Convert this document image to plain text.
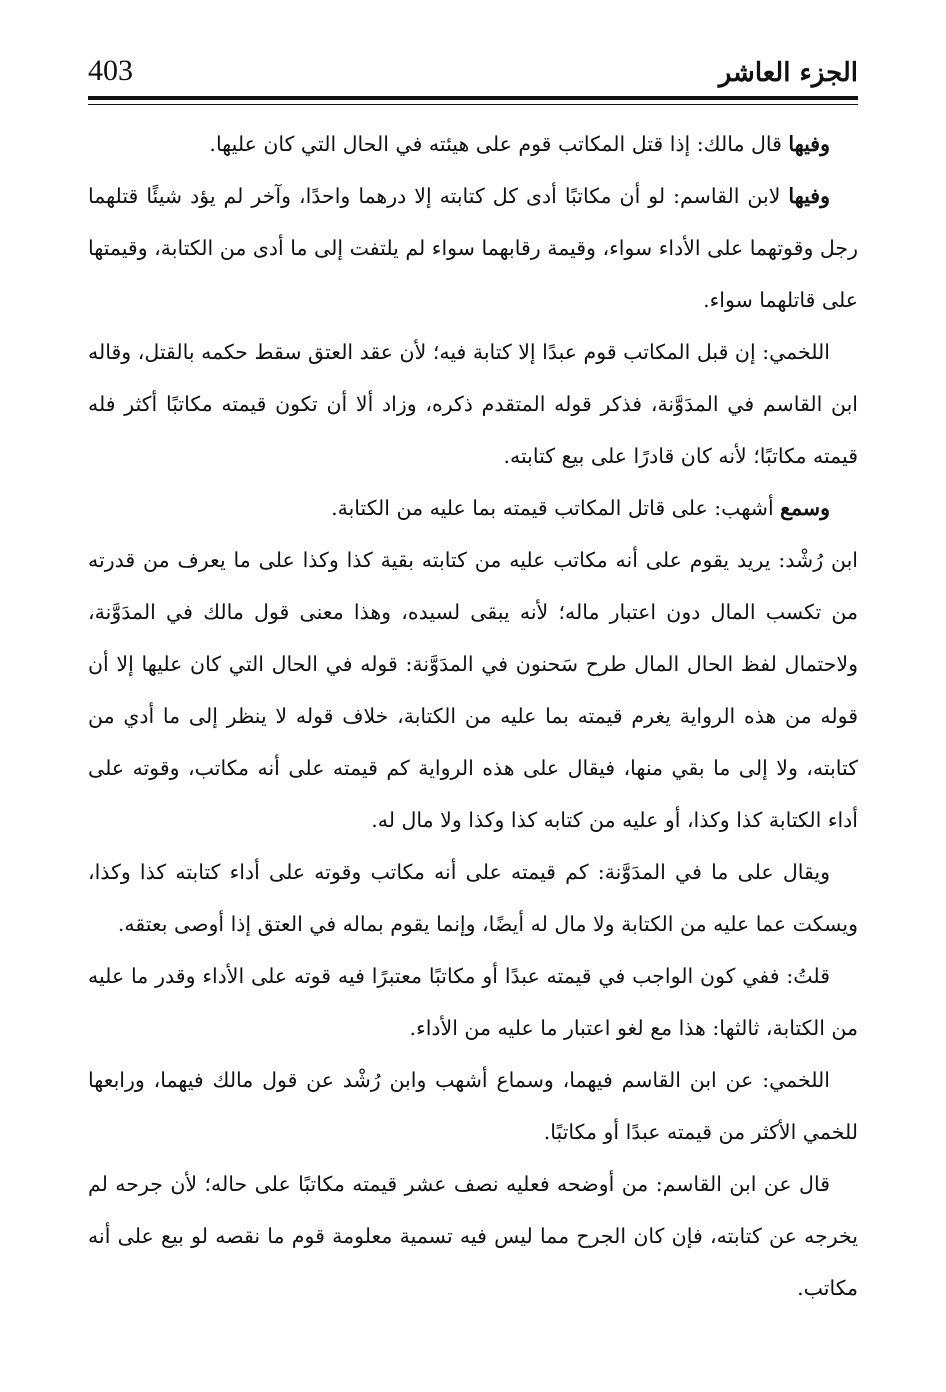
403	الجزء العاشر

وفيها قال مالك: إذا قتل المكاتب قوم على هيئته في الحال التي كان عليها.

وفيها لابن القاسم: لو أن مكاتبًا أدى كل كتابته إلا درهما واحدًا، وآخر لم يؤد شيئًا قتلهما رجل وقوتهما على الأداء سواء، وقيمة رقابهما سواء لم يلتفت إلى ما أدى من الكتابة، وقيمتها على قاتلهما سواء.

اللخمي: إن قبل المكاتب قوم عبدًا إلا كتابة فيه؛ لأن عقد العتق سقط حكمه بالقتل، وقاله ابن القاسم في المدَوَّنة، فذكر قوله المتقدم ذكره، وزاد ألا أن تكون قيمته مكاتبًا أكثر فله قيمته مكاتبًا؛ لأنه كان قادرًا على بيع كتابته.

وسمع أشهب: على قاتل المكاتب قيمته بما عليه من الكتابة.

ابن رُشْد: يريد يقوم على أنه مكاتب عليه من كتابته بقية كذا وكذا على ما يعرف من قدرته من تكسب المال دون اعتبار ماله؛ لأنه يبقى لسيده، وهذا معنى قول مالك في المدَوَّنة، ولاحتمال لفظ الحال المال طرح سَحنون في المدَوَّنة: قوله في الحال التي كان عليها إلا أن قوله من هذه الرواية يغرم قيمته بما عليه من الكتابة، خلاف قوله لا ينظر إلى ما أدي من كتابته، ولا إلى ما بقي منها، فيقال على هذه الرواية كم قيمته على أنه مكاتب، وقوته على أداء الكتابة كذا وكذا، أو عليه من كتابه كذا وكذا ولا مال له.

ويقال على ما في المدَوَّنة: كم قيمته على أنه مكاتب وقوته على أداء كتابته كذا وكذا، ويسكت عما عليه من الكتابة ولا مال له أيضًا، وإنما يقوم بماله في العتق إذا أوصى بعتقه.

قلتُ: ففي كون الواجب في قيمته عبدًا أو مكاتبًا معتبرًا فيه قوته على الأداء وقدر ما عليه من الكتابة، ثالثها: هذا مع لغو اعتبار ما عليه من الأداء.

اللخمي: عن ابن القاسم فيهما، وسماع أشهب وابن رُشْد عن قول مالك فيهما، ورابعها للخمي الأكثر من قيمته عبدًا أو مكاتبًا.

قال عن ابن القاسم: من أوضحه فعليه نصف عشر قيمته مكاتبًا على حاله؛ لأن جرحه لم يخرجه عن كتابته، فإن كان الجرح مما ليس فيه تسمية معلومة قوم ما نقصه لو بيع على أنه مكاتب.
